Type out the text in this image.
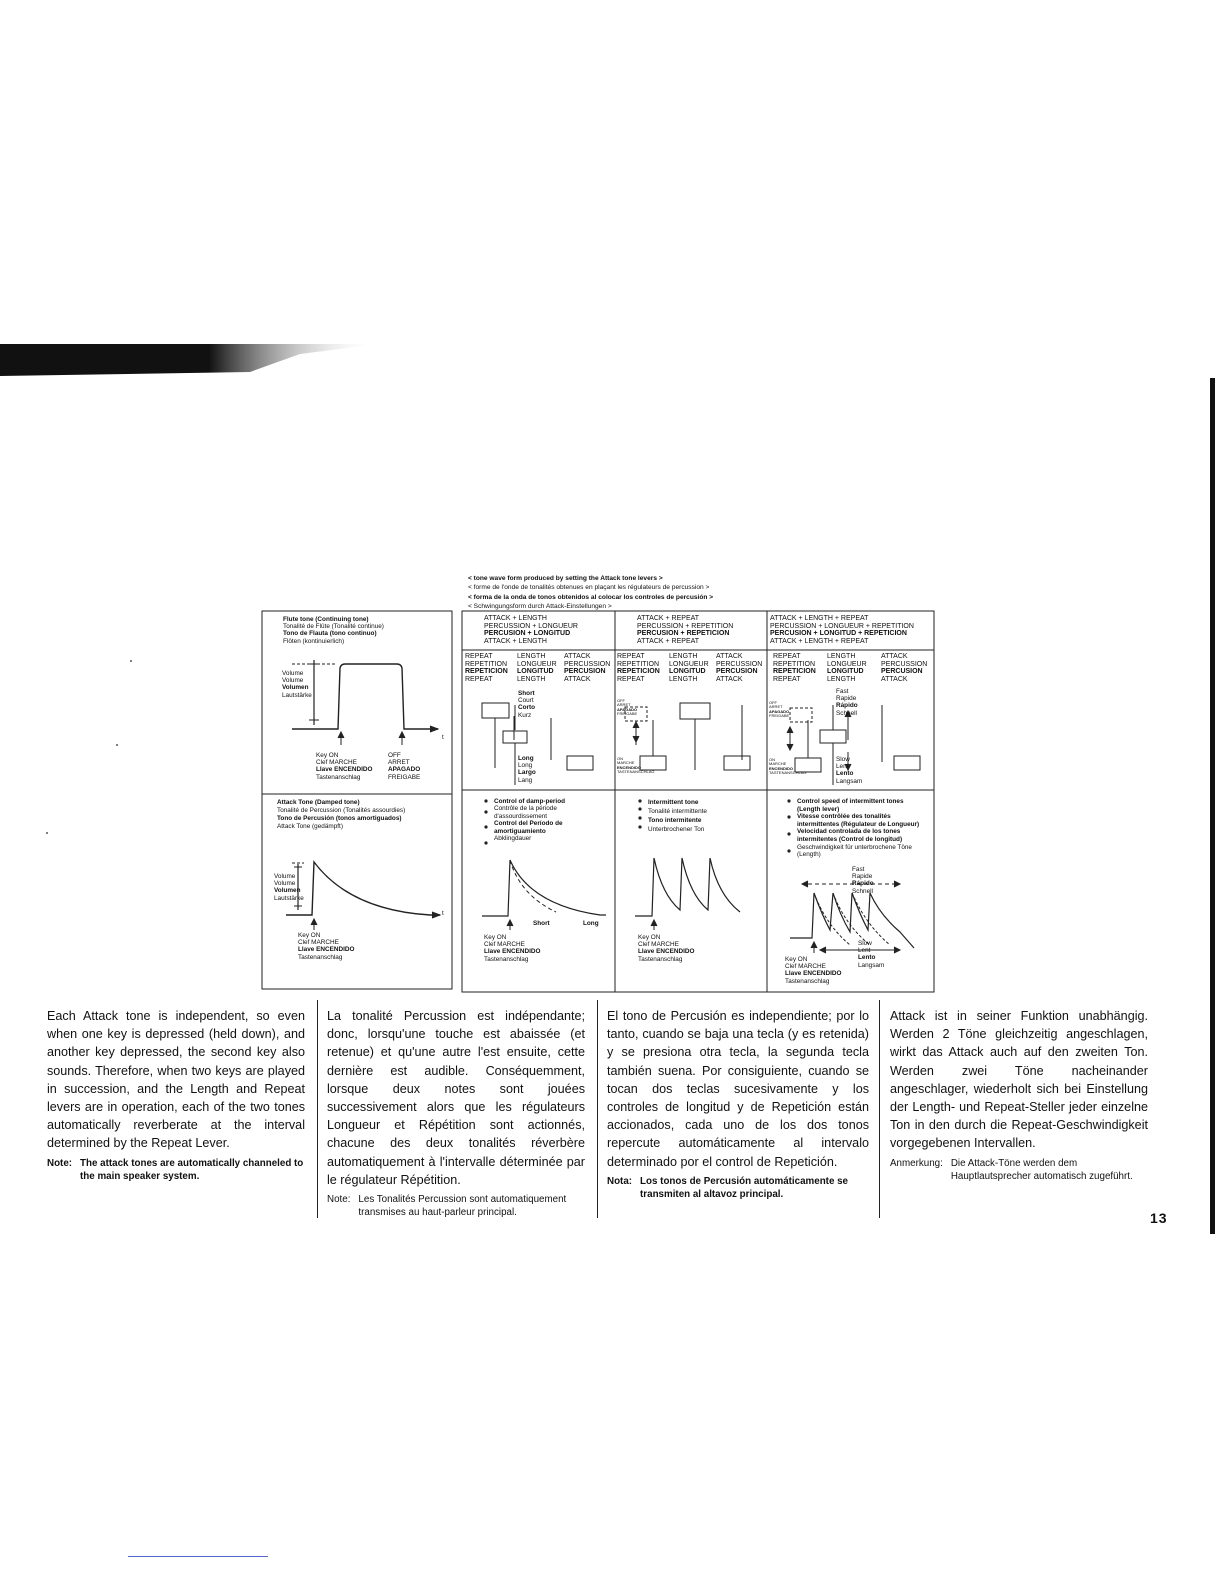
< tone wave form produced by setting the Attack tone levers >
< forme de l'onde de tonalités obtenues en plaçant les régulateurs de percussion >
< forma de la onda de tonos obtenidos al colocar los controles de percusión >
< Schwingungsform durch Attack-Einstellungen >
Flute tone (Continuing tone)
Tonalité de Flûte (Tonalité continue)
Tono de Flauta (tono continuo)
Flöten (kontinuierlich)
Volume
Volume
Volumen
Lautstärke
t
Key ON
Clef MARCHE
Llave ENCENDIDO
Tastenanschlag
OFF
ARRET
APAGADO
FREIGABE
Attack Tone (Damped tone)
Tonalité de Percussion (Tonalités assourdies)
Tono de Percusión (tonos amortiguados)
Attack Tone (gedämpft)
Volume
Volume
Volumen
Lautstärke
t
Key ON
Clef MARCHE
Llave ENCENDIDO
Tastenanschlag
ATTACK + LENGTH
PERCUSSION + LONGUEUR
PERCUSION + LONGITUD
ATTACK + LENGTH
ATTACK + REPEAT
PERCUSSION + REPETITION
PERCUSION + REPETICION
ATTACK + REPEAT
ATTACK + LENGTH + REPEAT
PERCUSSION + LONGUEUR + REPETITION
PERCUSION + LONGITUD + REPETICION
ATTACK + LENGTH + REPEAT
REPEAT	LENGTH	ATTACK
REPETITION LONGUEUR PERCUSSION
REPETICION LONGITUD PERCUSION
REPEAT	LENGTH	ATTACK
REPEAT	LENGTH	ATTACK
REPETITION LONGUEUR PERCUSSION
REPETICION LONGITUD PERCUSION
REPEAT	LENGTH	ATTACK
REPEAT	LENGTH	ATTACK
REPETITION LONGUEUR PERCUSSION
REPETICION LONGITUD PERCUSION
REPEAT	LENGTH	ATTACK
Short
Court
Corto
Kurz
Long
Long
Largo
Lang
OFF
ARRET
APAGADO
FREIGABE
ON
MARCHE
ENCENDIDO
TASTENANSCHLAG
OFF
ARRET
APAGADO
FREIGABE
ON
MARCHE
ENCENDIDO
TASTENANSCHLAG
Fast
Rapide
Rápido
Schnell
Slow
Lent
Lento
Langsam
Control of damp-period
Contrôle de la période d'assourdissement
Control del Período de amortiguamiento
Abklingdauer
Intermittent tone
Tonalité intermittente
Tono intermitente
Unterbrochener Ton
Control speed of intermittent tones (Length lever)
Vitesse contrôlée des tonalités intermittentes (Régulateur de Longueur)
Velocidad controlada de los tones intermitentes (Control de longitud)
Geschwindigkeit für unterbrochene Töne (Length)
Short	Long
Key ON
Clef MARCHE
Llave ENCENDIDO
Tastenanschlag
Key ON
Clef MARCHE
Llave ENCENDIDO
Tastenanschlag
Fast
Rapide
Rápido
Schnell
Slow
Lent
Lento
Langsam
Key ON
Clef MARCHE
Llave ENCENDIDO
Tastenanschlag

Each Attack tone is independent, so even when one key is depressed (held down), and another key depressed, the second key also sounds. Therefore, when two keys are played in succession, and the Length and Repeat levers are in operation, each of the two tones automatically reverberate at the interval determined by the Repeat Lever.

Note: The attack tones are automatically channeled to the main speaker system.

La tonalité Percussion est indépendante; donc, lorsqu'une touche est abaissée (et retenue) et qu'une autre l'est ensuite, cette dernière est audible. Conséquemment, lorsque deux notes sont jouées successivement alors que les régulateurs Longueur et Répétition sont actionnés, chacune des deux tonalités réverbère automatiquement à l'intervalle déterminée par le régulateur Répétition.

Note: Les Tonalités Percussion sont automatiquement transmises au haut-parleur principal.

El tono de Percusión es independiente; por lo tanto, cuando se baja una tecla (y es retenida) y se presiona otra tecla, la segunda tecla también suena. Por consiguiente, cuando se tocan dos teclas sucesivamente y los controles de longitud y de Repetición están accionados, cada uno de los dos tonos repercute automáticamente al intervalo determinado por el control de Repetición.

Nota: Los tonos de Percusión automáticamente se transmiten al altavoz principal.

Attack ist in seiner Funktion unabhängig. Werden 2 Töne gleichzeitig angeschlagen, wirkt das Attack auch auf den zweiten Ton. Werden zwei Töne nacheinander angeschlager, wiederholt sich bei Einstellung der Length- und Repeat-Steller jeder einzelne Ton in den durch die Repeat-Geschwindigkeit vorgegebenen Intervallen.

Anmerkung: Die Attack-Töne werden dem Hauptlautsprecher automatisch zugeführt.
13
